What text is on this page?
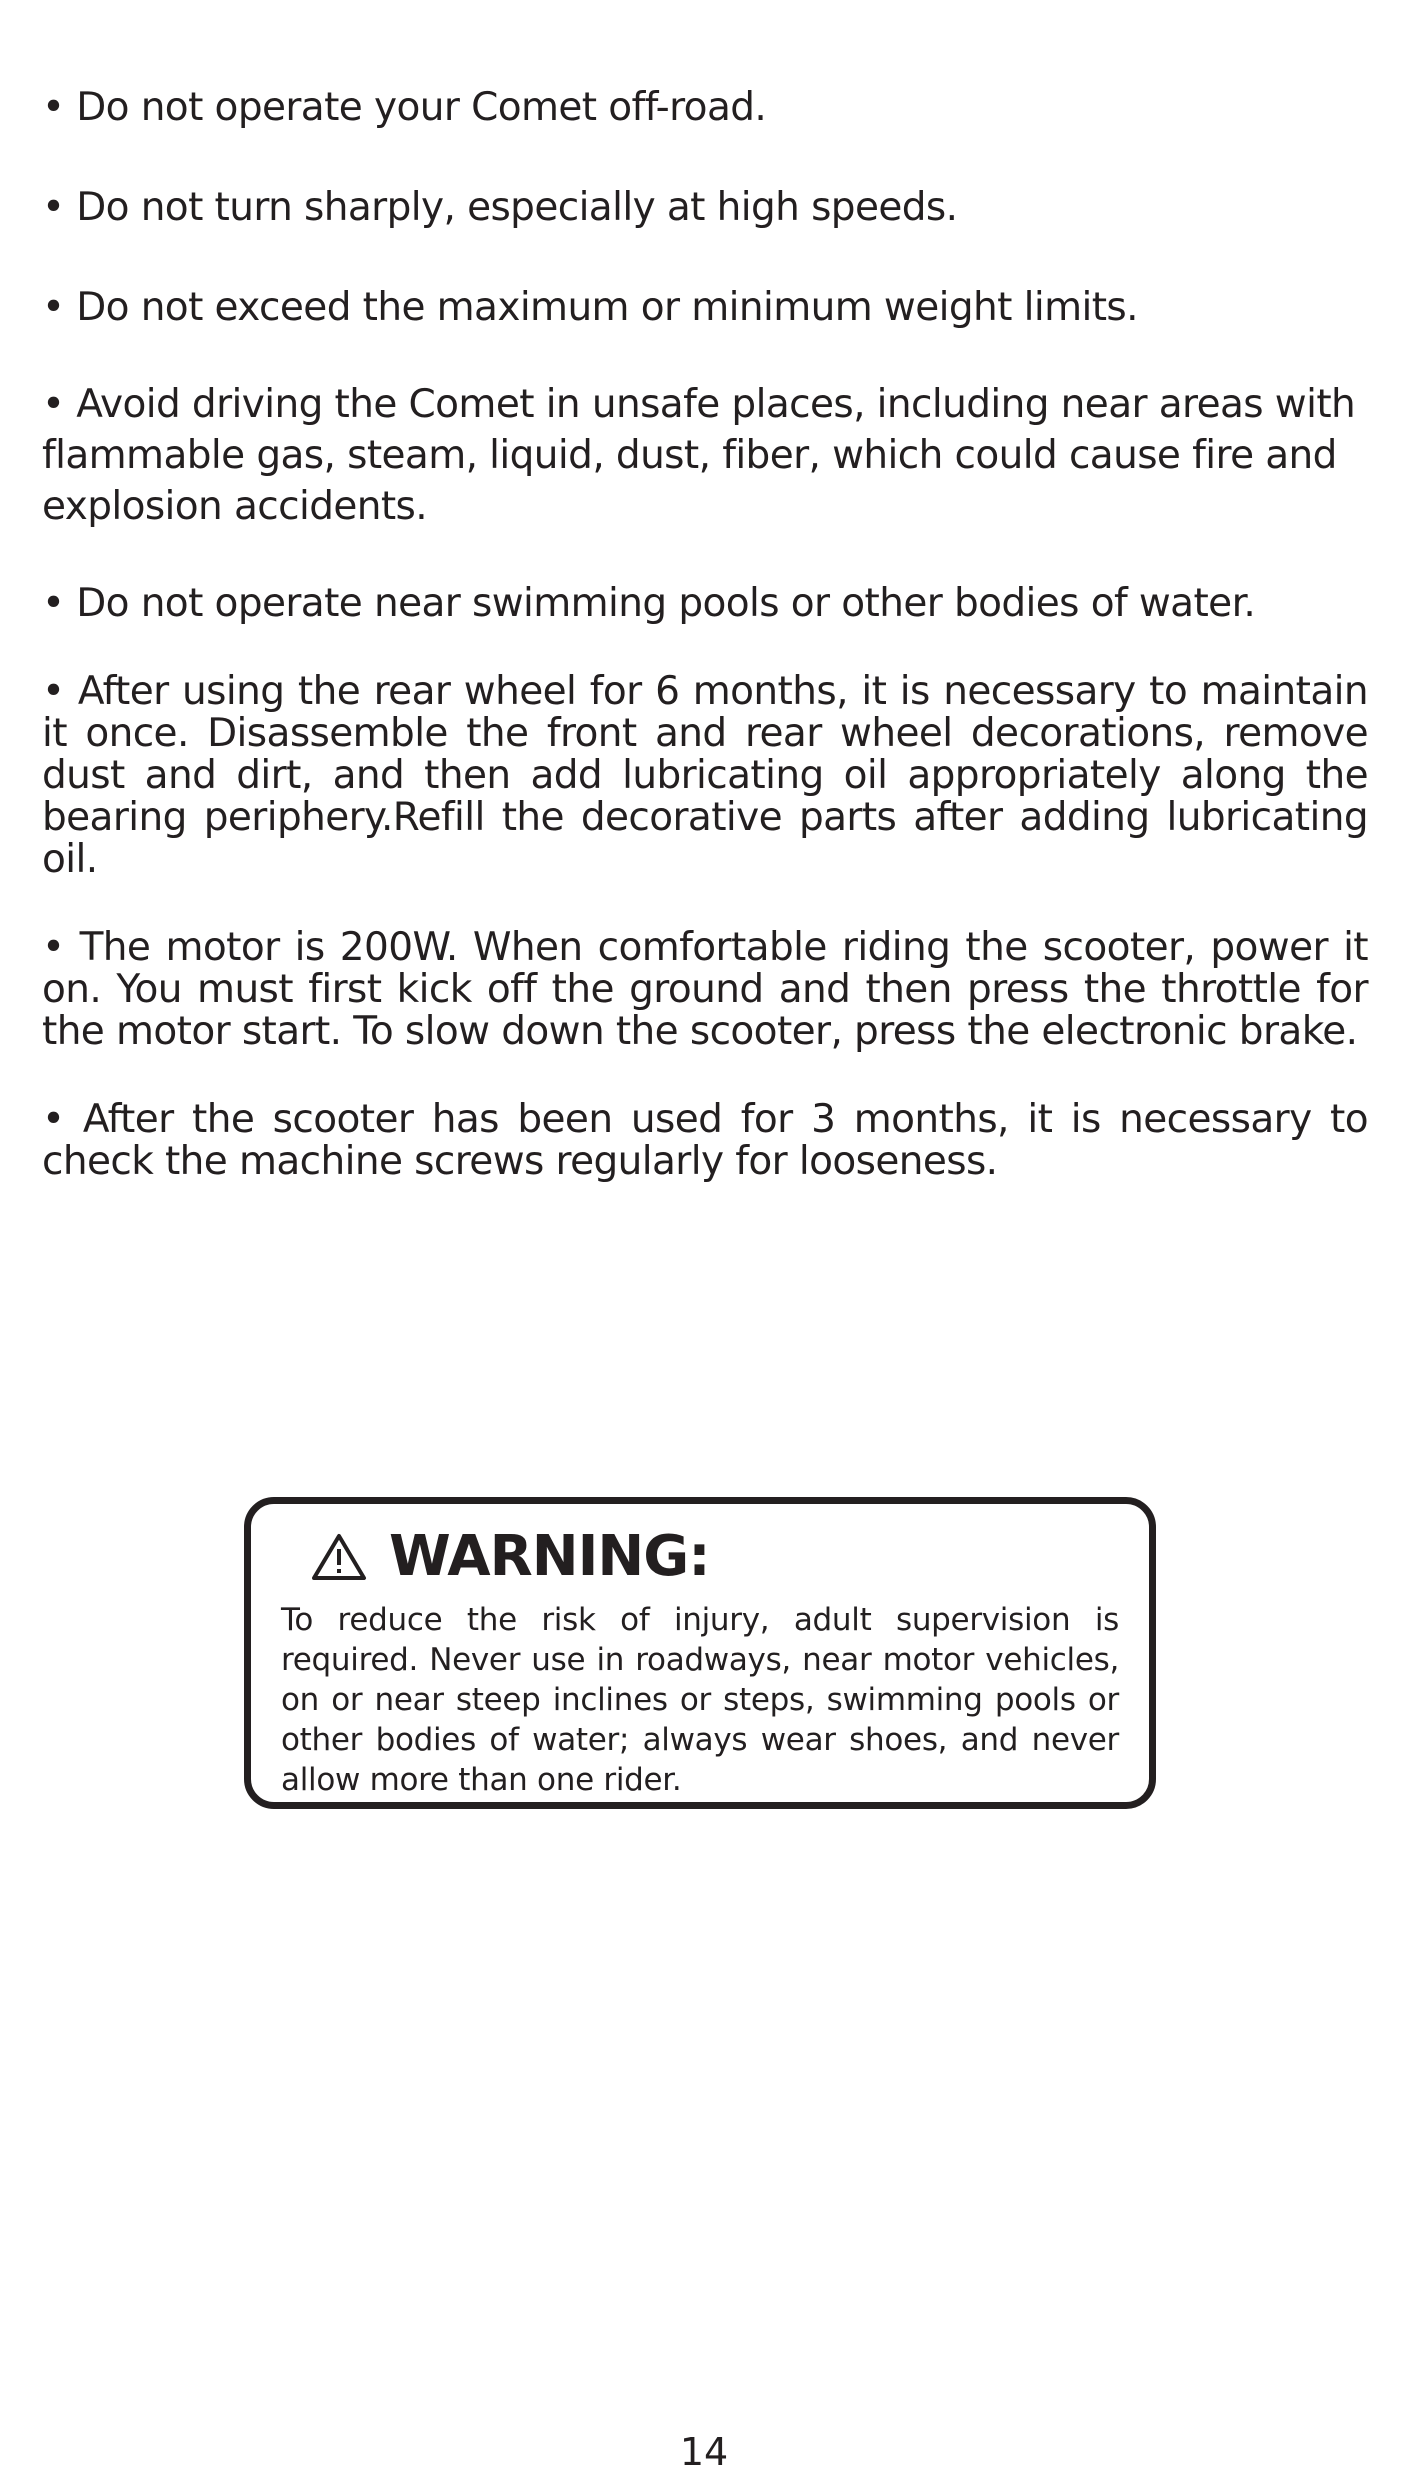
• Do not operate your Comet off-road.

• Do not turn sharply, especially at high speeds.

• Do not exceed the maximum or minimum weight limits.

• Avoid driving the Comet in unsafe places, including near areas with flammable gas, steam, liquid, dust, fiber, which could cause fire and explosion accidents.

• Do not operate near swimming pools or other bodies of water.

• After using the rear wheel for 6 months, it is necessary to maintain it once. Disassemble the front and rear wheel decorations, remove dust and dirt, and then add lubricating oil appropriately along the bearing periphery.Refill the decorative parts after adding lubricating oil.

• The motor is 200W. When comfortable riding the scooter, power it on. You must first kick off the ground and then press the throttle for the motor start. To slow down the scooter, press the electronic brake.

• After the scooter has been used for 3 months, it is necessary to check the machine screws regularly for looseness.

WARNING:

To reduce the risk of injury, adult supervision is required. Never use in roadways, near motor vehicles, on or near steep inclines or steps, swimming pools or other bodies of water; always wear shoes, and never allow more than one rider.

14
